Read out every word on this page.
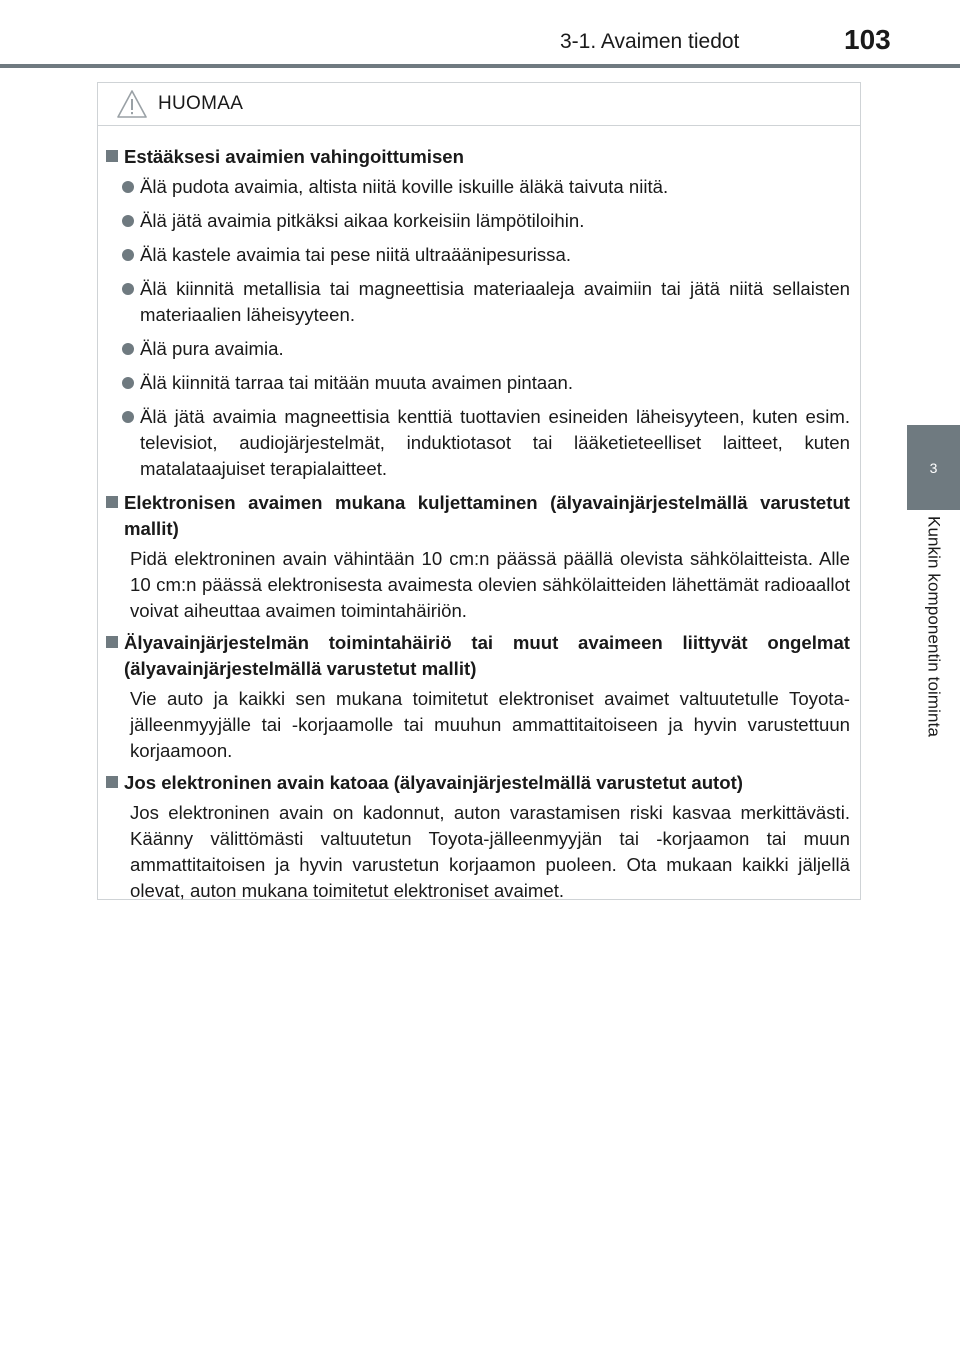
3-1. Avaimen tiedot	103
3
Kunkin komponentin toiminta
HUOMAA
Estääksesi avaimien vahingoittumisen
Älä pudota avaimia, altista niitä koville iskuille äläkä taivuta niitä.
Älä jätä avaimia pitkäksi aikaa korkeisiin lämpötiloihin.
Älä kastele avaimia tai pese niitä ultraäänipesurissa.
Älä kiinnitä metallisia tai magneettisia materiaaleja avaimiin tai jätä niitä sellaisten materiaalien läheisyyteen.
Älä pura avaimia.
Älä kiinnitä tarraa tai mitään muuta avaimen pintaan.
Älä jätä avaimia magneettisia kenttiä tuottavien esineiden läheisyyteen, kuten esim. televisiot, audiojärjestelmät, induktiotasot tai lääketieteelliset laitteet, kuten matalataajuiset terapialaitteet.
Elektronisen avaimen mukana kuljettaminen (älyavainjärjestelmällä varustetut mallit)
Pidä elektroninen avain vähintään 10 cm:n päässä päällä olevista sähkölaitteista. Alle 10 cm:n päässä elektronisesta avaimesta olevien sähkölaitteiden lähettämät radioaallot voivat aiheuttaa avaimen toimintahäiriön.
Älyavainjärjestelmän toimintahäiriö tai muut avaimeen liittyvät ongelmat (älyavainjärjestelmällä varustetut mallit)
Vie auto ja kaikki sen mukana toimitetut elektroniset avaimet valtuutetulle Toyota-jälleenmyyjälle tai -korjaamolle tai muuhun ammattitaitoiseen ja hyvin varustettuun korjaamoon.
Jos elektroninen avain katoaa (älyavainjärjestelmällä varustetut autot)
Jos elektroninen avain on kadonnut, auton varastamisen riski kasvaa merkittävästi. Käänny välittömästi valtuutetun Toyota-jälleenmyyjän tai -korjaamon tai muun ammattitaitoisen ja hyvin varustetun korjaamon puoleen. Ota mukaan kaikki jäljellä olevat, auton mukana toimitetut elektroniset avaimet.
